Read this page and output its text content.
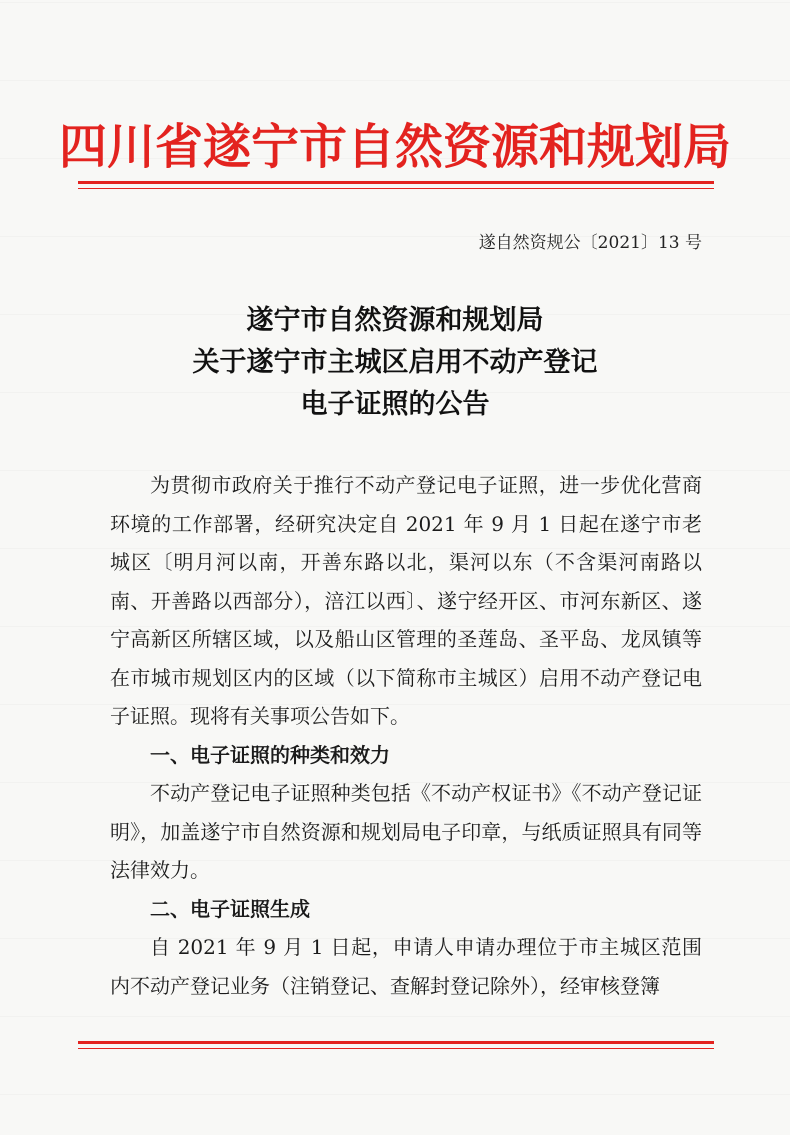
四川省遂宁市自然资源和规划局
遂自然资规公〔2021〕13 号
遂宁市自然资源和规划局
关于遂宁市主城区启用不动产登记
电子证照的公告

为贯彻市政府关于推行不动产登记电子证照，进一步优化营商环境的工作部署，经研究决定自 2021 年 9 月 1 日起在遂宁市老城区〔明月河以南，开善东路以北，渠河以东（不含渠河南路以南、开善路以西部分），涪江以西〕、遂宁经开区、市河东新区、遂宁高新区所辖区域，以及船山区管理的圣莲岛、圣平岛、龙凤镇等在市城市规划区内的区域（以下简称市主城区）启用不动产登记电子证照。现将有关事项公告如下。

一、电子证照的种类和效力

不动产登记电子证照种类包括《不动产权证书》《不动产登记证明》，加盖遂宁市自然资源和规划局电子印章，与纸质证照具有同等法律效力。

二、电子证照生成

自 2021 年 9 月 1 日起，申请人申请办理位于市主城区范围内不动产登记业务（注销登记、查解封登记除外），经审核登簿
